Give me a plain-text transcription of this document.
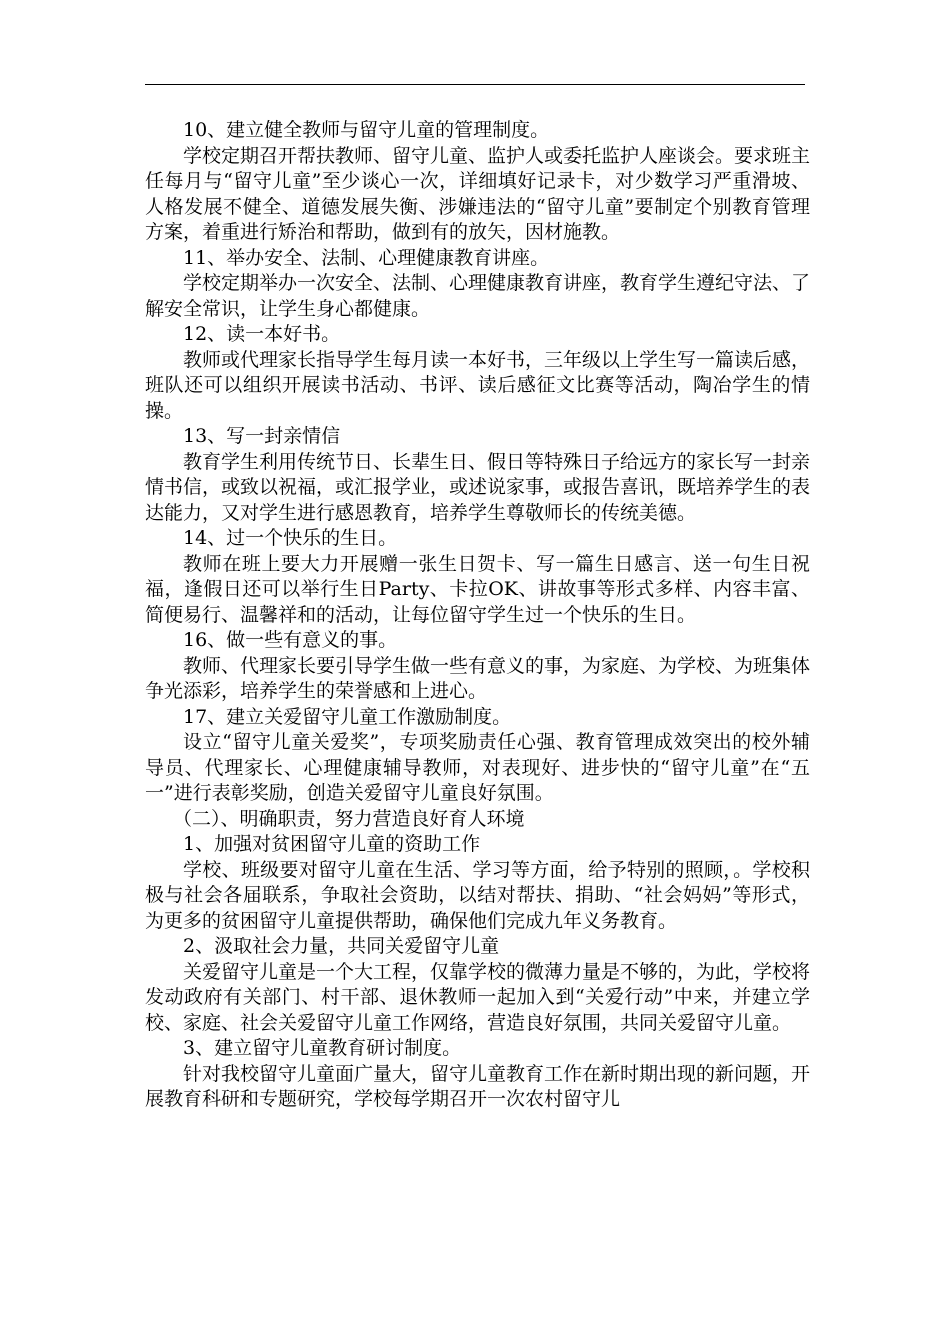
10、建立健全教师与留守儿童的管理制度。

学校定期召开帮扶教师、留守儿童、监护人或委托监护人座谈会。要求班主任每月与“留守儿童”至少谈心一次，详细填好记录卡，对少数学习严重滑坡、人格发展不健全、道德发展失衡、涉嫌违法的“留守儿童”要制定个别教育管理方案，着重进行矫治和帮助，做到有的放矢，因材施教。

11、举办安全、法制、心理健康教育讲座。

学校定期举办一次安全、法制、心理健康教育讲座，教育学生遵纪守法、了解安全常识，让学生身心都健康。

12、读一本好书。

教师或代理家长指导学生每月读一本好书，三年级以上学生写一篇读后感，班队还可以组织开展读书活动、书评、读后感征文比赛等活动，陶冶学生的情操。

13、写一封亲情信

教育学生利用传统节日、长辈生日、假日等特殊日子给远方的家长写一封亲情书信，或致以祝福，或汇报学业，或述说家事，或报告喜讯，既培养学生的表达能力，又对学生进行感恩教育，培养学生尊敬师长的传统美德。

14、过一个快乐的生日。

教师在班上要大力开展赠一张生日贺卡、写一篇生日感言、送一句生日祝福，逢假日还可以举行生日Party、卡拉OK、讲故事等形式多样、内容丰富、简便易行、温馨祥和的活动，让每位留守学生过一个快乐的生日。

16、做一些有意义的事。

教师、代理家长要引导学生做一些有意义的事，为家庭、为学校、为班集体争光添彩，培养学生的荣誉感和上进心。

17、建立关爱留守儿童工作激励制度。

设立“留守儿童关爱奖”，专项奖励责任心强、教育管理成效突出的校外辅导员、代理家长、心理健康辅导教师，对表现好、进步快的“留守儿童”在“五一”进行表彰奖励，创造关爱留守儿童良好氛围。

（二）、明确职责，努力营造良好育人环境

1、加强对贫困留守儿童的资助工作

学校、班级要对留守儿童在生活、学习等方面，给予特别的照顾，。学校积极与社会各届联系，争取社会资助，以结对帮扶、捐助、“社会妈妈”等形式，为更多的贫困留守儿童提供帮助，确保他们完成九年义务教育。

2、汲取社会力量，共同关爱留守儿童

关爱留守儿童是一个大工程，仅靠学校的微薄力量是不够的，为此，学校将发动政府有关部门、村干部、退休教师一起加入到“关爱行动”中来，并建立学校、家庭、社会关爱留守儿童工作网络，营造良好氛围，共同关爱留守儿童。

3、建立留守儿童教育研讨制度。

针对我校留守儿童面广量大，留守儿童教育工作在新时期出现的新问题，开展教育科研和专题研究，学校每学期召开一次农村留守儿
